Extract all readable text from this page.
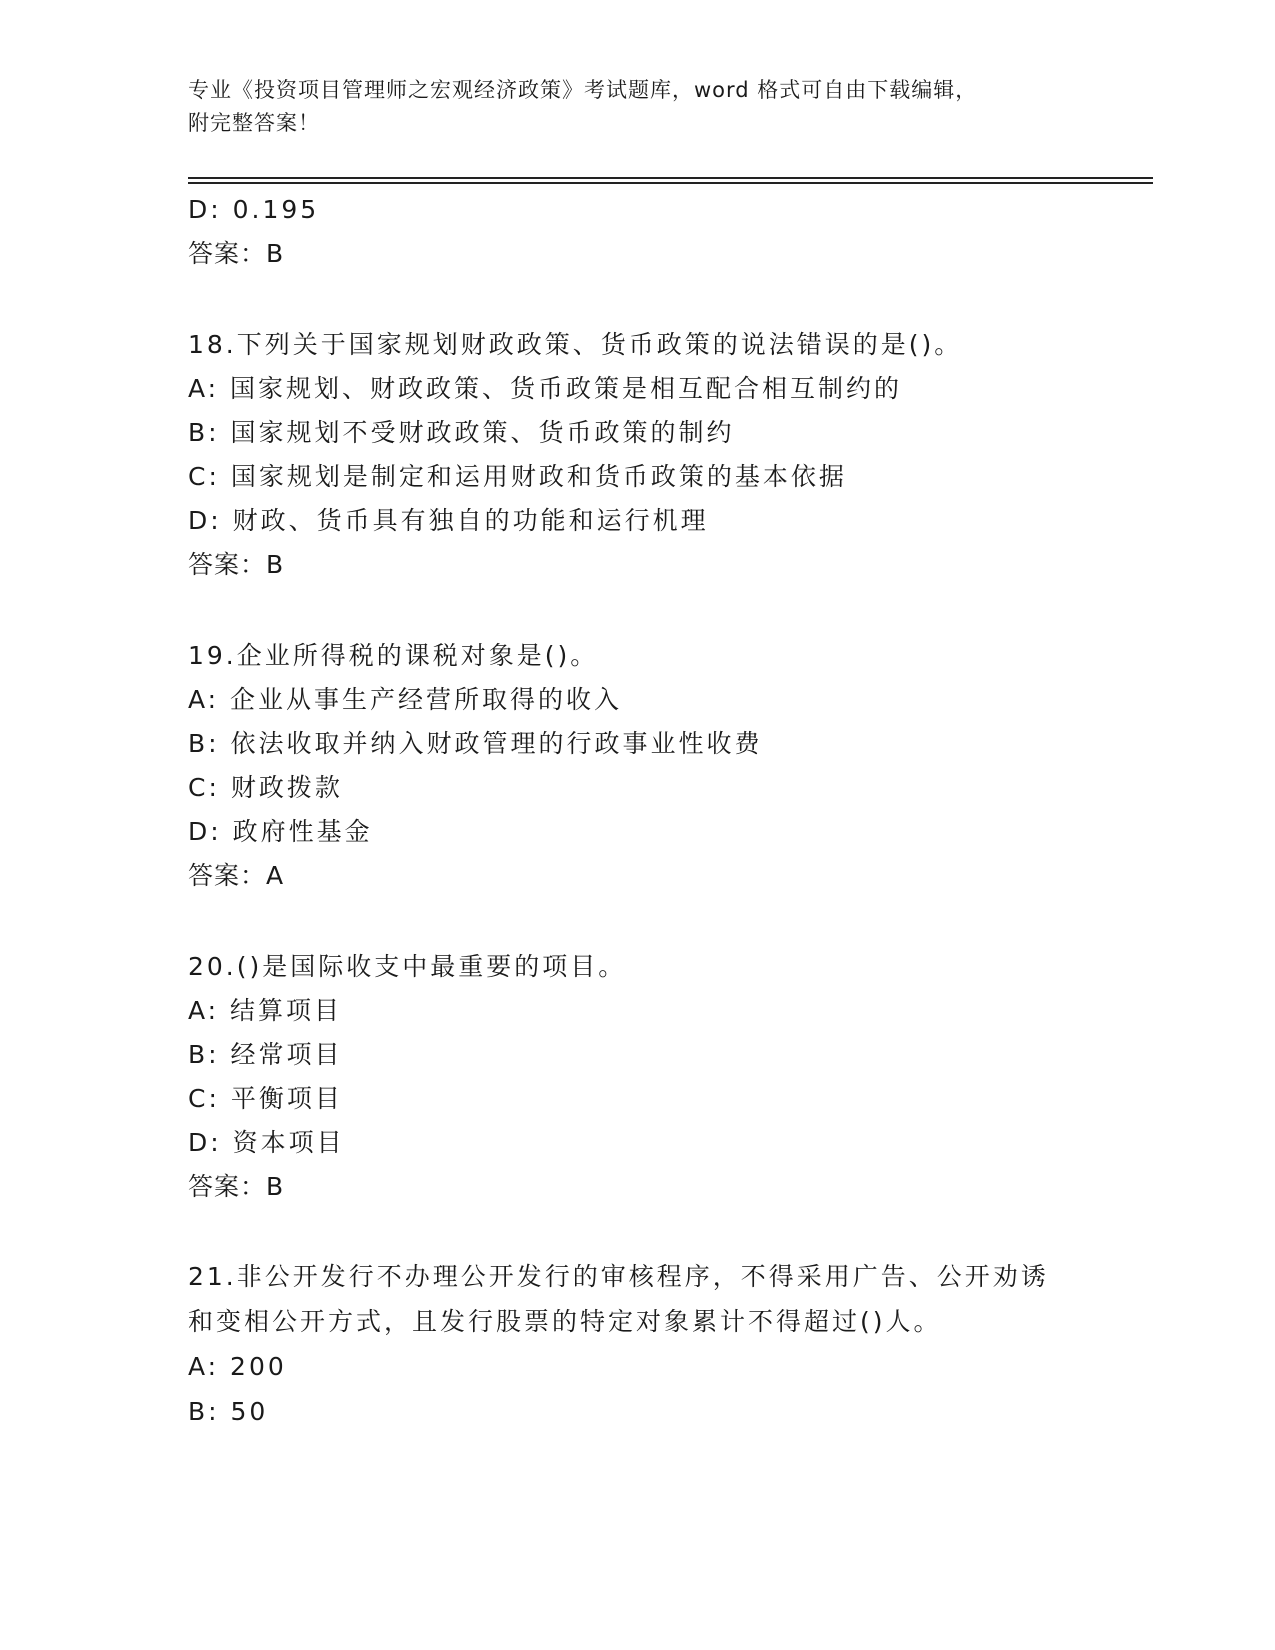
专业《投资项目管理师之宏观经济政策》考试题库，word 格式可自由下载编辑，
附完整答案！
D: 0.195
答案：B
18.下列关于国家规划财政政策、货币政策的说法错误的是()。
A: 国家规划、财政政策、货币政策是相互配合相互制约的
B: 国家规划不受财政政策、货币政策的制约
C: 国家规划是制定和运用财政和货币政策的基本依据
D: 财政、货币具有独自的功能和运行机理
答案：B
19.企业所得税的课税对象是()。
A: 企业从事生产经营所取得的收入
B: 依法收取并纳入财政管理的行政事业性收费
C: 财政拨款
D: 政府性基金
答案：A
20.()是国际收支中最重要的项目。
A: 结算项目
B: 经常项目
C: 平衡项目
D: 资本项目
答案：B
21.非公开发行不办理公开发行的审核程序，不得采用广告、公开劝诱
和变相公开方式，且发行股票的特定对象累计不得超过()人。
A: 200
B: 50
